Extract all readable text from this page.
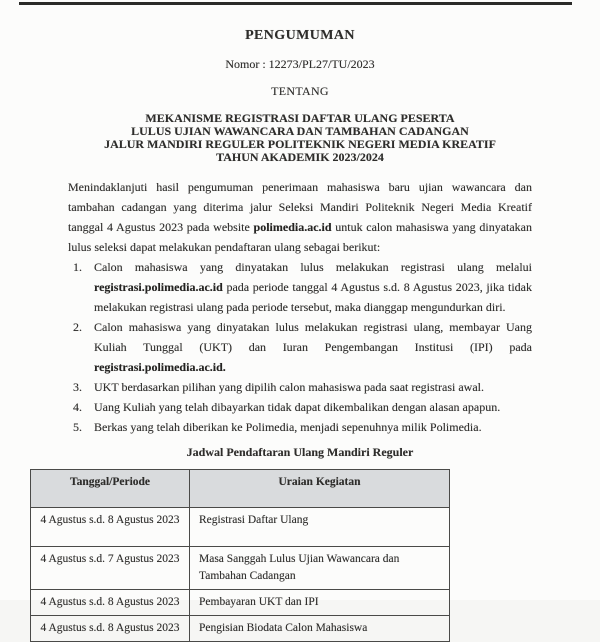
PENGUMUMAN
Nomor : 12273/PL27/TU/2023
TENTANG
MEKANISME REGISTRASI DAFTAR ULANG PESERTA
LULUS UJIAN WAWANCARA DAN TAMBAHAN CADANGAN
JALUR MANDIRI REGULER POLITEKNIK NEGERI MEDIA KREATIF
TAHUN AKADEMIK 2023/2024

Menindaklanjuti hasil pengumuman penerimaan mahasiswa baru ujian wawancara dan tambahan cadangan yang diterima jalur Seleksi Mandiri Politeknik Negeri Media Kreatif tanggal 4 Agustus 2023 pada website polimedia.ac.id untuk calon mahasiswa yang dinyatakan lulus seleksi dapat melakukan pendaftaran ulang sebagai berikut:

1. Calon mahasiswa yang dinyatakan lulus melakukan registrasi ulang melalui registrasi.polimedia.ac.id pada periode tanggal 4 Agustus s.d. 8 Agustus 2023, jika tidak melakukan registrasi ulang pada periode tersebut, maka dianggap mengundurkan diri.
2. Calon mahasiswa yang dinyatakan lulus melakukan registrasi ulang, membayar Uang Kuliah Tunggal (UKT) dan Iuran Pengembangan Institusi (IPI) pada registrasi.polimedia.ac.id.
3. UKT berdasarkan pilihan yang dipilih calon mahasiswa pada saat registrasi awal.
4. Uang Kuliah yang telah dibayarkan tidak dapat dikembalikan dengan alasan apapun.
5. Berkas yang telah diberikan ke Polimedia, menjadi sepenuhnya milik Polimedia.
Jadwal Pendaftaran Ulang Mandiri Reguler
Tanggal/Periode	Uraian Kegiatan
4 Agustus s.d. 8 Agustus 2023	Registrasi Daftar Ulang
4 Agustus s.d. 7 Agustus 2023	Masa Sanggah Lulus Ujian Wawancara dan Tambahan Cadangan
4 Agustus s.d. 8 Agustus 2023	Pembayaran UKT dan IPI
4 Agustus s.d. 8 Agustus 2023	Pengisian Biodata Calon Mahasiswa
